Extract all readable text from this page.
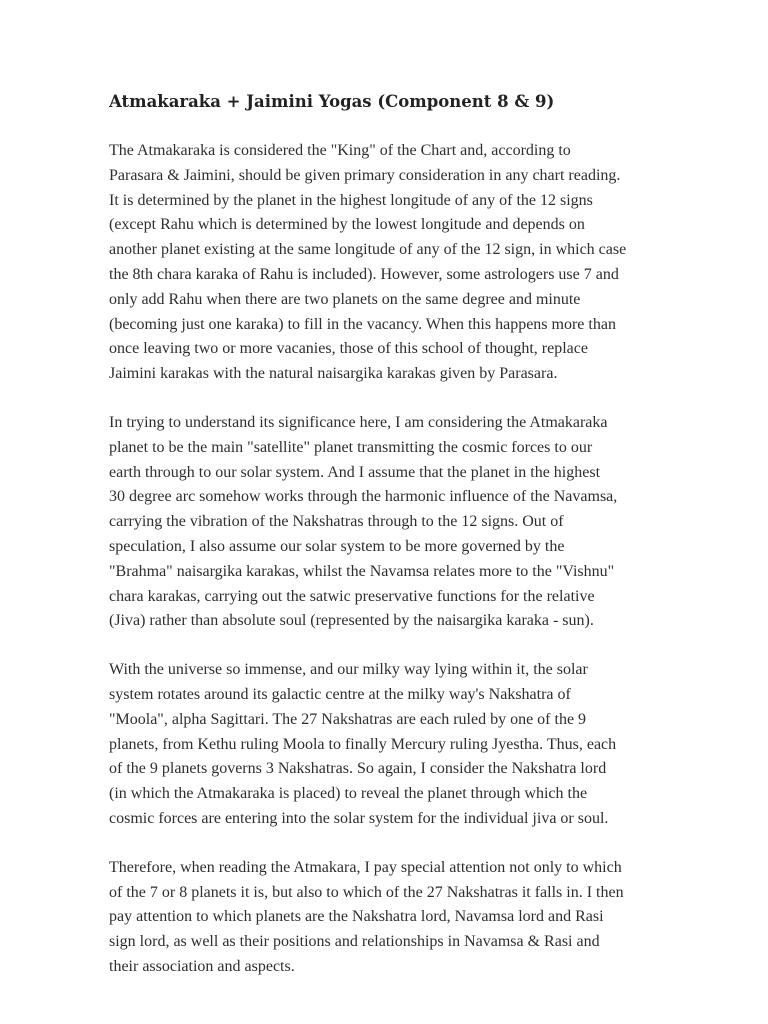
Atmakaraka + Jaimini Yogas (Component 8 & 9)

The Atmakaraka is considered the "King" of the Chart and, according to
Parasara & Jaimini, should be given primary consideration in any chart reading.
It is determined by the planet in the highest longitude of any of the 12 signs
(except Rahu which is determined by the lowest longitude and depends on
another planet existing at the same longitude of any of the 12 sign, in which case
the 8th chara karaka of Rahu is included). However, some astrologers use 7 and
only add Rahu when there are two planets on the same degree and minute
(becoming just one karaka) to fill in the vacancy. When this happens more than
once leaving two or more vacanies, those of this school of thought, replace
Jaimini karakas with the natural naisargika karakas given by Parasara.

In trying to understand its significance here, I am considering the Atmakaraka
planet to be the main "satellite" planet transmitting the cosmic forces to our
earth through to our solar system. And I assume that the planet in the highest
30 degree arc somehow works through the harmonic influence of the Navamsa,
carrying the vibration of the Nakshatras through to the 12 signs. Out of
speculation, I also assume our solar system to be more governed by the
"Brahma" naisargika karakas, whilst the Navamsa relates more to the "Vishnu"
chara karakas, carrying out the satwic preservative functions for the relative
(Jiva) rather than absolute soul (represented by the naisargika karaka - sun).

With the universe so immense, and our milky way lying within it, the solar
system rotates around its galactic centre at the milky way's Nakshatra of
"Moola", alpha Sagittari. The 27 Nakshatras are each ruled by one of the 9
planets, from Kethu ruling Moola to finally Mercury ruling Jyestha. Thus, each
of the 9 planets governs 3 Nakshatras. So again, I consider the Nakshatra lord
(in which the Atmakaraka is placed) to reveal the planet through which the
cosmic forces are entering into the solar system for the individual jiva or soul.

Therefore, when reading the Atmakara, I pay special attention not only to which
of the 7 or 8 planets it is, but also to which of the 27 Nakshatras it falls in. I then
pay attention to which planets are the Nakshatra lord, Navamsa lord and Rasi
sign lord, as well as their positions and relationships in Navamsa & Rasi and
their association and aspects.
